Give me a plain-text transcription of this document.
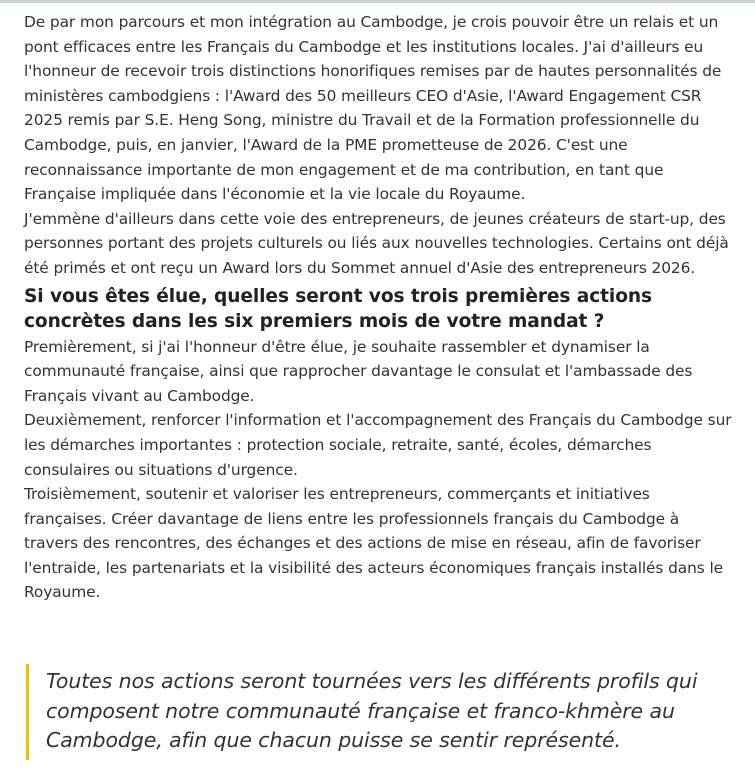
De par mon parcours et mon intégration au Cambodge, je crois pouvoir être un relais et un pont efficaces entre les Français du Cambodge et les institutions locales. J'ai d'ailleurs eu l'honneur de recevoir trois distinctions honorifiques remises par de hautes personnalités de ministères cambodgiens : l'Award des 50 meilleurs CEO d'Asie, l'Award Engagement CSR 2025 remis par S.E. Heng Song, ministre du Travail et de la Formation professionnelle du Cambodge, puis, en janvier, l'Award de la PME prometteuse de 2026. C'est une reconnaissance importante de mon engagement et de ma contribution, en tant que Française impliquée dans l'économie et la vie locale du Royaume.

J'emmène d'ailleurs dans cette voie des entrepreneurs, de jeunes créateurs de start-up, des personnes portant des projets culturels ou liés aux nouvelles technologies. Certains ont déjà été primés et ont reçu un Award lors du Sommet annuel d'Asie des entrepreneurs 2026.

Si vous êtes élue, quelles seront vos trois premières actions concrètes dans les six premiers mois de votre mandat ?

Premièrement, si j'ai l'honneur d'être élue, je souhaite rassembler et dynamiser la communauté française, ainsi que rapprocher davantage le consulat et l'ambassade des Français vivant au Cambodge.

Deuxièmement, renforcer l'information et l'accompagnement des Français du Cambodge sur les démarches importantes : protection sociale, retraite, santé, écoles, démarches consulaires ou situations d'urgence.

Troisièmement, soutenir et valoriser les entrepreneurs, commerçants et initiatives françaises. Créer davantage de liens entre les professionnels français du Cambodge à travers des rencontres, des échanges et des actions de mise en réseau, afin de favoriser l'entraide, les partenariats et la visibilité des acteurs économiques français installés dans le Royaume.

Toutes nos actions seront tournées vers les différents profils qui composent notre communauté française et franco-khmère au Cambodge, afin que chacun puisse se sentir représenté.
